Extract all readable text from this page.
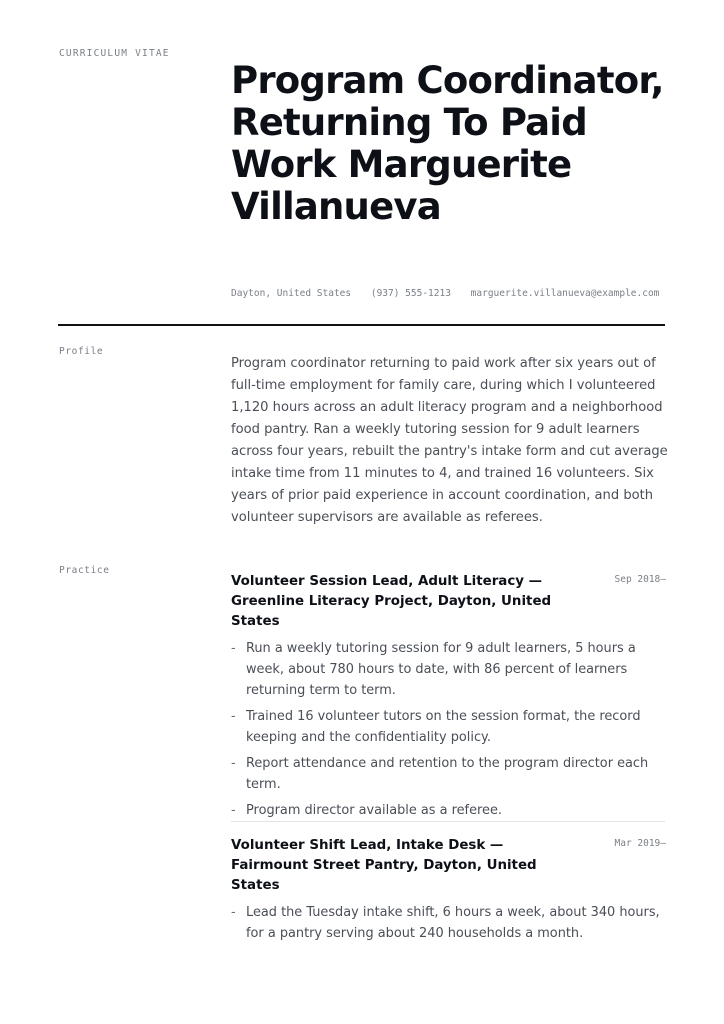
CURRICULUM VITAE
Program Coordinator, Returning To Paid Work Marguerite Villanueva
Dayton, United States (937) 555-1213 marguerite.villanueva@example.com
Profile

Program coordinator returning to paid work after six years out of full-time employment for family care, during which I volunteered 1,120 hours across an adult literacy program and a neighborhood food pantry. Ran a weekly tutoring session for 9 adult learners across four years, rebuilt the pantry's intake form and cut average intake time from 11 minutes to 4, and trained 16 volunteers. Six years of prior paid experience in account coordination, and both volunteer supervisors are available as referees.

Practice
Volunteer Session Lead, Adult Literacy — Greenline Literacy Project, Dayton, United States
Sep 2018–
- Run a weekly tutoring session for 9 adult learners, 5 hours a week, about 780 hours to date, with 86 percent of learners returning term to term.
- Trained 16 volunteer tutors on the session format, the record keeping and the confidentiality policy.
- Report attendance and retention to the program director each term.
- Program director available as a referee.
Volunteer Shift Lead, Intake Desk — Fairmount Street Pantry, Dayton, United States
Mar 2019–
- Lead the Tuesday intake shift, 6 hours a week, about 340 hours, for a pantry serving about 240 households a month.
